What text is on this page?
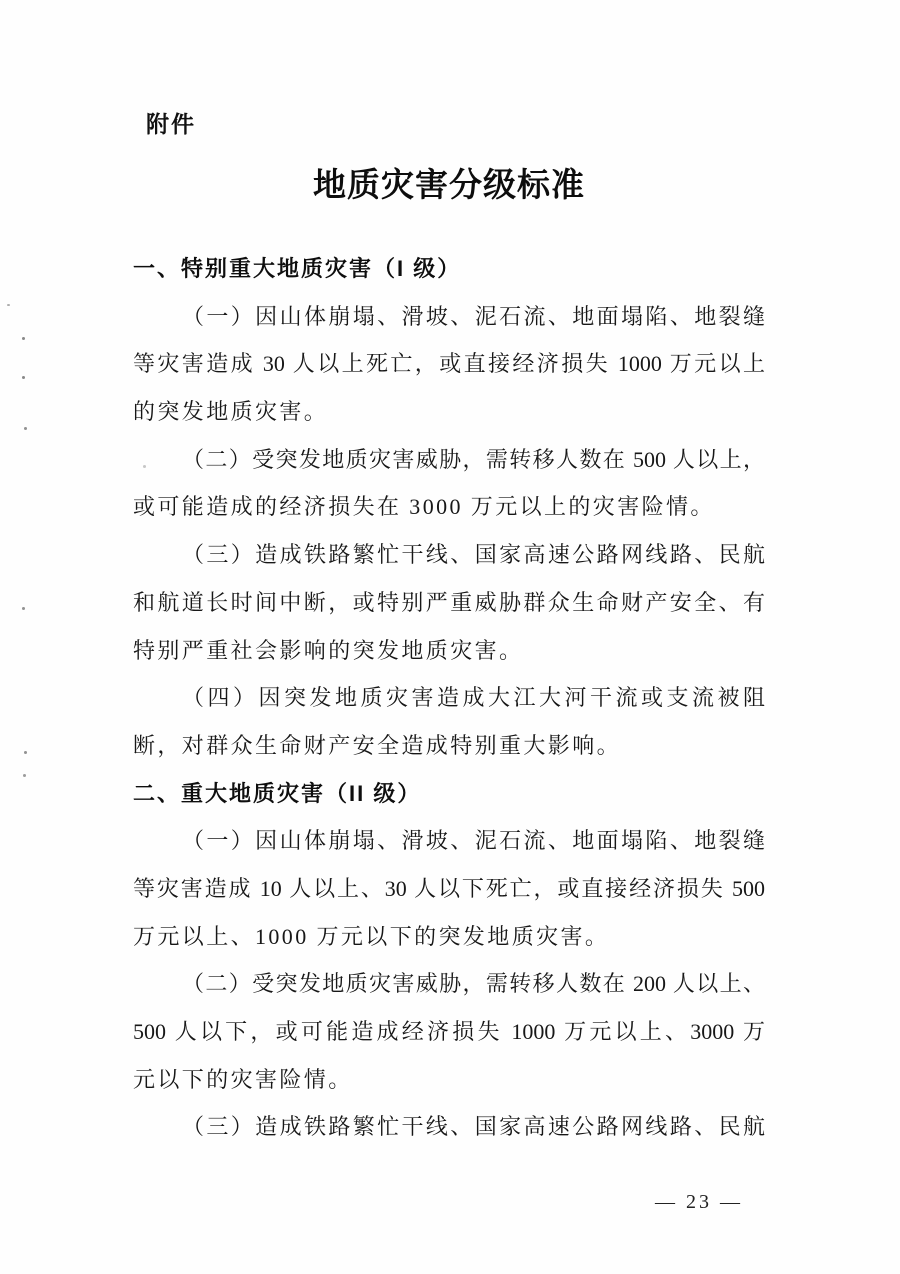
附件
地质灾害分级标准
一、特别重大地质灾害（I 级）
（一）因山体崩塌、滑坡、泥石流、地面塌陷、地裂缝
等灾害造成 30 人以上死亡，或直接经济损失 1000 万元以上
的突发地质灾害。
（二）受突发地质灾害威胁，需转移人数在 500 人以上，
或可能造成的经济损失在 3000 万元以上的灾害险情。
（三）造成铁路繁忙干线、国家高速公路网线路、民航
和航道长时间中断，或特别严重威胁群众生命财产安全、有
特别严重社会影响的突发地质灾害。
（四）因突发地质灾害造成大江大河干流或支流被阻
断，对群众生命财产安全造成特别重大影响。
二、重大地质灾害（II 级）
（一）因山体崩塌、滑坡、泥石流、地面塌陷、地裂缝
等灾害造成 10 人以上、30 人以下死亡，或直接经济损失 500
万元以上、1000 万元以下的突发地质灾害。
（二）受突发地质灾害威胁，需转移人数在 200 人以上、
500 人以下，或可能造成经济损失 1000 万元以上、3000 万
元以下的灾害险情。
（三）造成铁路繁忙干线、国家高速公路网线路、民航
— 23 —
